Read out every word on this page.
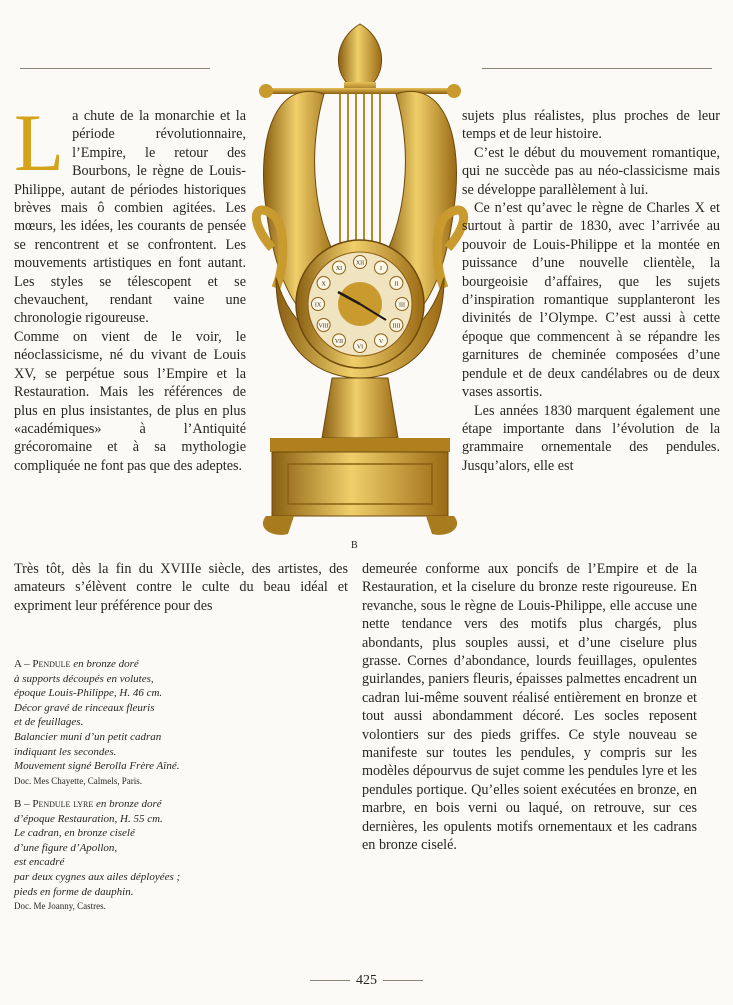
La chute de la monarchie et la période révolutionnaire, l’Empire, le retour des Bourbons, le règne de Louis-Philippe, autant de périodes historiques brèves mais ô combien agitées. Les mœurs, les idées, les courants de pensée se rencontrent et se confrontent. Les mouvements artistiques en font autant. Les styles se télescopent et se chevauchent, rendant vaine une chronologie rigoureuse.

Comme on vient de le voir, le néoclassicisme, né du vivant de Louis XV, se perpétue sous l’Empire et la Restauration. Mais les références de plus en plus insistantes, de plus en plus «académiques» à l’Antiquité grécoromaine et à sa mythologie compliquée ne font pas que des adeptes.

Très tôt, dès la fin du XVIIIe siècle, des artistes, des amateurs s’élèvent contre le culte du beau idéal et expriment leur préférence pour des

XII
I
II
III
IIII
V
VI
VII
VIII
IX
X
XI
B

sujets plus réalistes, plus proches de leur temps et de leur histoire.

C’est le début du mouvement romantique, qui ne succède pas au néo-classicisme mais se développe parallèlement à lui.

Ce n’est qu’avec le règne de Charles X et surtout à partir de 1830, avec l’arrivée au pouvoir de Louis-Philippe et la montée en puissance d’une nouvelle clientèle, la bourgeoisie d’affaires, que les sujets d’inspiration romantique supplanteront les divinités de l’Olympe. C’est aussi à cette époque que commencent à se répandre les garnitures de cheminée composées d’une pendule et de deux candélabres ou de deux vases assortis.

Les années 1830 marquent également une étape importante dans l’évolution de la grammaire ornementale des pendules. Jusqu’alors, elle est

demeurée conforme aux poncifs de l’Empire et de la Restauration, et la ciselure du bronze reste rigoureuse. En revanche, sous le règne de Louis-Philippe, elle accuse une nette tendance vers des motifs plus chargés, plus abondants, plus souples aussi, et d’une ciselure plus grasse. Cornes d’abondance, lourds feuillages, opulentes guirlandes, paniers fleuris, épaisses palmettes encadrent un cadran lui-même souvent réalisé entièrement en bronze et tout aussi abondamment décoré. Les socles reposent volontiers sur des pieds griffes. Ce style nouveau se manifeste sur toutes les pendules, y compris sur les modèles dépourvus de sujet comme les pendules lyre et les pendules portique. Qu’elles soient exécutées en bronze, en marbre, en bois verni ou laqué, on retrouve, sur ces dernières, les opulents motifs ornementaux et les cadrans en bronze ciselé.

A – Pendule en bronze doré
à supports découpés en volutes,
époque Louis-Philippe, H. 46 cm.
Décor gravé de rinceaux fleuris
et de feuillages.
Balancier muni d’un petit cadran
indiquant les secondes.
Mouvement signé Berolla Frère Aîné.
Doc. Mes Chayette, Calmels, Paris.
B – Pendule lyre en bronze doré
d’époque Restauration, H. 55 cm.
Le cadran, en bronze ciselé
d’une figure d’Apollon,
est encadré
par deux cygnes aux ailes déployées ;
pieds en forme de dauphin.
Doc. Me Joanny, Castres.
425
